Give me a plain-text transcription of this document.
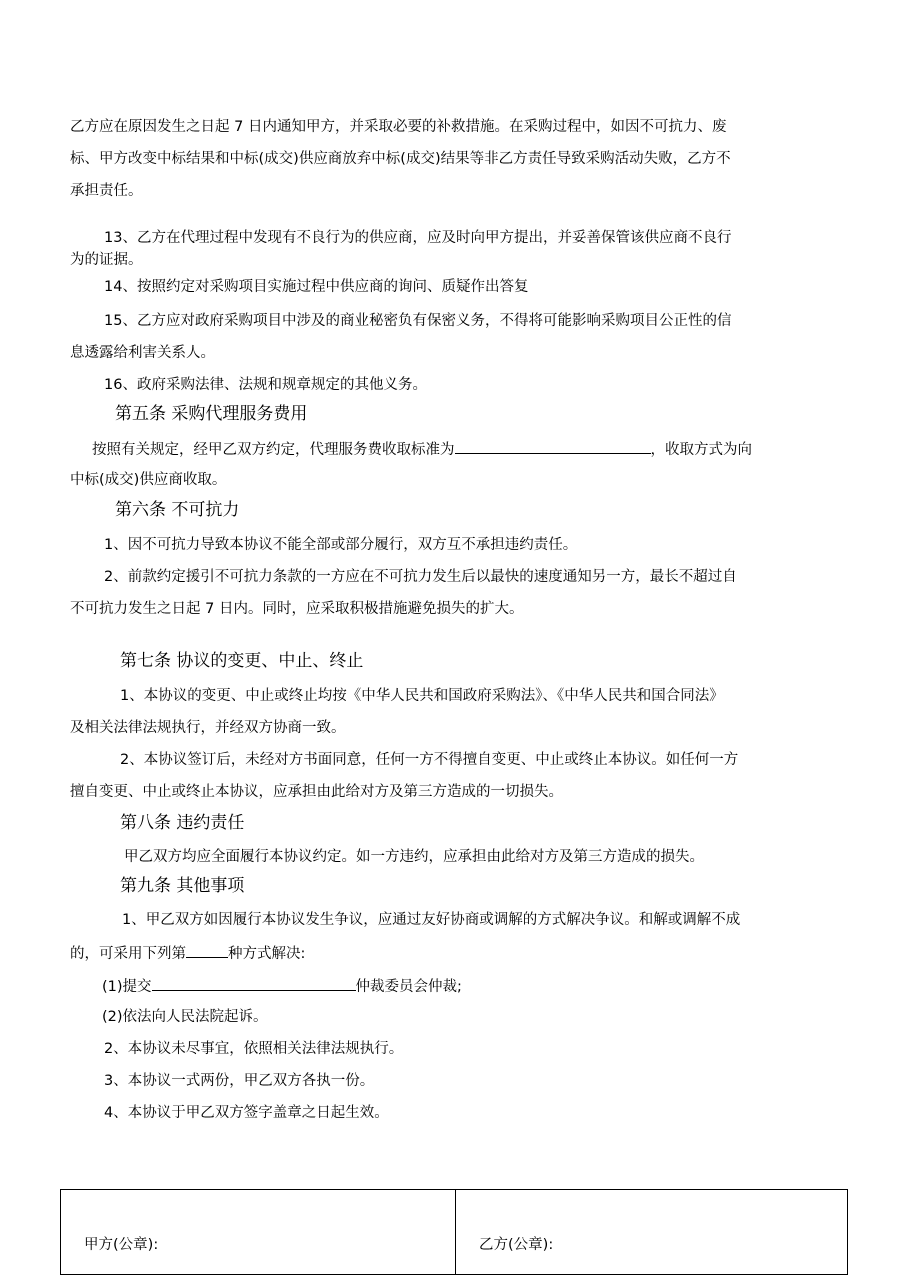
乙方应在原因发生之日起 7 日内通知甲方，并采取必要的补救措施。在采购过程中，如因不可抗力、废
标、甲方改变中标结果和中标(成交)供应商放弃中标(成交)结果等非乙方责任导致采购活动失败，乙方不
承担责任。
13、乙方在代理过程中发现有不良行为的供应商，应及时向甲方提出，并妥善保管该供应商不良行
为的证据。
14、按照约定对采购项目实施过程中供应商的询问、质疑作出答复
15、乙方应对政府采购项目中涉及的商业秘密负有保密义务，不得将可能影响采购项目公正性的信
息透露给利害关系人。
16、政府采购法律、法规和规章规定的其他义务。
第五条 采购代理服务费用
按照有关规定，经甲乙双方约定，代理服务费收取标准为	，收取方式为向
中标(成交)供应商收取。
第六条 不可抗力
1、因不可抗力导致本协议不能全部或部分履行，双方互不承担违约责任。
2、前款约定援引不可抗力条款的一方应在不可抗力发生后以最快的速度通知另一方，最长不超过自
不可抗力发生之日起 7 日内。同时，应采取积极措施避免损失的扩大。
第七条 协议的变更、中止、终止
1、本协议的变更、中止或终止均按《中华人民共和国政府采购法》、《中华人民共和国合同法》
及相关法律法规执行，并经双方协商一致。
2、本协议签订后，未经对方书面同意，任何一方不得擅自变更、中止或终止本协议。如任何一方
擅自变更、中止或终止本协议，应承担由此给对方及第三方造成的一切损失。
第八条 违约责任
甲乙双方均应全面履行本协议约定。如一方违约，应承担由此给对方及第三方造成的损失。
第九条 其他事项
1、甲乙双方如因履行本协议发生争议，应通过友好协商或调解的方式解决争议。和解或调解不成
的，可采用下列第	种方式解决:
(1)提交	仲裁委员会仲裁;
(2)依法向人民法院起诉。
2、本协议未尽事宜，依照相关法律法规执行。
3、本协议一式两份，甲乙双方各执一份。
4、本协议于甲乙双方签字盖章之日起生效。
甲方(公章):	乙方(公章):
